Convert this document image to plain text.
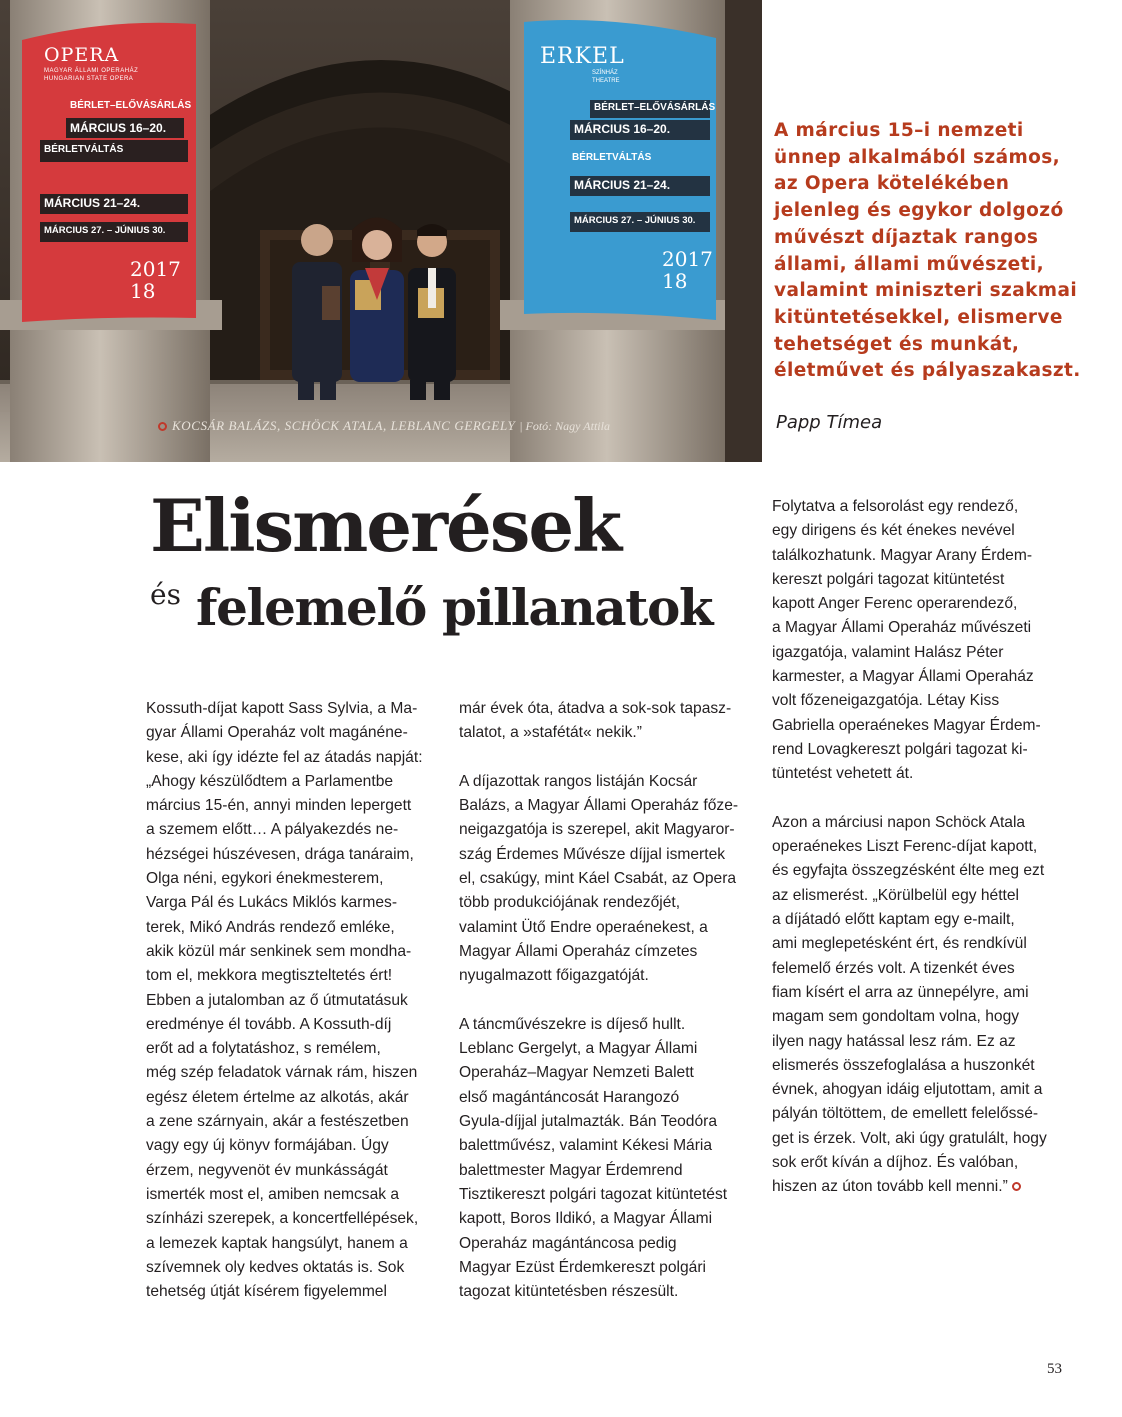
OPERA
MAGYAR ÁLLAMI OPERAHÁZ
HUNGARIAN STATE OPERA
BÉRLET–ELŐVÁSÁRLÁS
MÁRCIUS 16–20.
BÉRLETVÁLTÁS
MÁRCIUS 21–24.
MÁRCIUS 27. – JÚNIUS 30.
2017 18
ERKEL
SZÍNHÁZ
THEATRE
BÉRLET–ELŐVÁSÁRLÁS
MÁRCIUS 16–20.
BÉRLETVÁLTÁS
MÁRCIUS 21–24.
MÁRCIUS 27. – JÚNIUS 30.
2017 18
KOCSÁR BALÁZS, SCHÖCK ATALA, LEBLANC GERGELY | Fotó: Nagy Attila
A március 15–i nemzeti
ünnep alkalmából számos,
az Opera kötelékében
jelenleg és egykor dolgozó
művészt díjaztak rangos
állami, állami művészeti,
valamint miniszteri szakmai
kitüntetésekkel, elismerve
tehetséget és munkát,
életművet és pályaszakaszt.
Papp Tímea
Elismerések
és felemelő pillanatok

Kossuth-díjat kapott Sass Sylvia, a Ma-

gyar Állami Operaház volt magánéne-

kese, aki így idézte fel az átadás napját:

„Ahogy készülődtem a Parlamentbe

március 15-én, annyi minden lepergett

a szemem előtt… A pályakezdés ne-

hézségei húszévesen, drága tanáraim,

Olga néni, egykori énekmesterem,

Varga Pál és Lukács Miklós karmes-

terek, Mikó András rendező emléke,

akik közül már senkinek sem mondha-

tom el, mekkora megtiszteltetés ért!

Ebben a jutalomban az ő útmutatásuk

eredménye él tovább. A Kossuth-díj

erőt ad a folytatáshoz, s remélem,

még szép feladatok várnak rám, hiszen

egész életem értelme az alkotás, akár

a zene szárnyain, akár a festészetben

vagy egy új könyv formájában. Úgy

érzem, negyvenöt év munkásságát

ismerték most el, amiben nemcsak a

színházi szerepek, a koncertfellépések,

a lemezek kaptak hangsúlyt, hanem a

szívemnek oly kedves oktatás is. Sok

tehetség útját kísérem figyelemmel

már évek óta, átadva a sok-sok tapasz-

talatot, a »stafétát« nekik.”

A díjazottak rangos listáján Kocsár

Balázs, a Magyar Állami Operaház főze-

neigazgatója is szerepel, akit Magyaror-

szág Érdemes Művésze díjjal ismertek

el, csakúgy, mint Káel Csabát, az Opera

több produkciójának rendezőjét,

valamint Ütő Endre operaénekest, a

Magyar Állami Operaház címzetes

nyugalmazott főigazgatóját.

A táncművészekre is díjeső hullt.

Leblanc Gergelyt, a Magyar Állami

Operaház–Magyar Nemzeti Balett

első magántáncosát Harangozó

Gyula-díjjal jutalmazták. Bán Teodóra

balettművész, valamint Kékesi Mária

balettmester Magyar Érdemrend

Tisztikereszt polgári tagozat kitüntetést

kapott, Boros Ildikó, a Magyar Állami

Operaház magántáncosa pedig

Magyar Ezüst Érdemkereszt polgári

tagozat kitüntetésben részesült.

Folytatva a felsorolást egy rendező,

egy dirigens és két énekes nevével

találkozhatunk. Magyar Arany Érdem-

kereszt polgári tagozat kitüntetést

kapott Anger Ferenc operarendező,

a Magyar Állami Operaház művészeti

igazgatója, valamint Halász Péter

karmester, a Magyar Állami Operaház

volt főzeneigazgatója. Létay Kiss

Gabriella operaénekes Magyar Érdem-

rend Lovagkereszt polgári tagozat ki-

tüntetést vehetett át.

Azon a márciusi napon Schöck Atala

operaénekes Liszt Ferenc-díjat kapott,

és egyfajta összegzésként élte meg ezt

az elismerést. „Körülbelül egy héttel

a díjátadó előtt kaptam egy e-mailt,

ami meglepetésként ért, és rendkívül

felemelő érzés volt. A tizenkét éves

fiam kísért el arra az ünnepélyre, ami

magam sem gondoltam volna, hogy

ilyen nagy hatással lesz rám. Ez az

elismerés összefoglalása a huszonkét

évnek, ahogyan idáig eljutottam, amit a

pályán töltöttem, de emellett felelőssé-

get is érzek. Volt, aki úgy gratulált, hogy

sok erőt kíván a díjhoz. És valóban,

hiszen az úton tovább kell menni.”

53
